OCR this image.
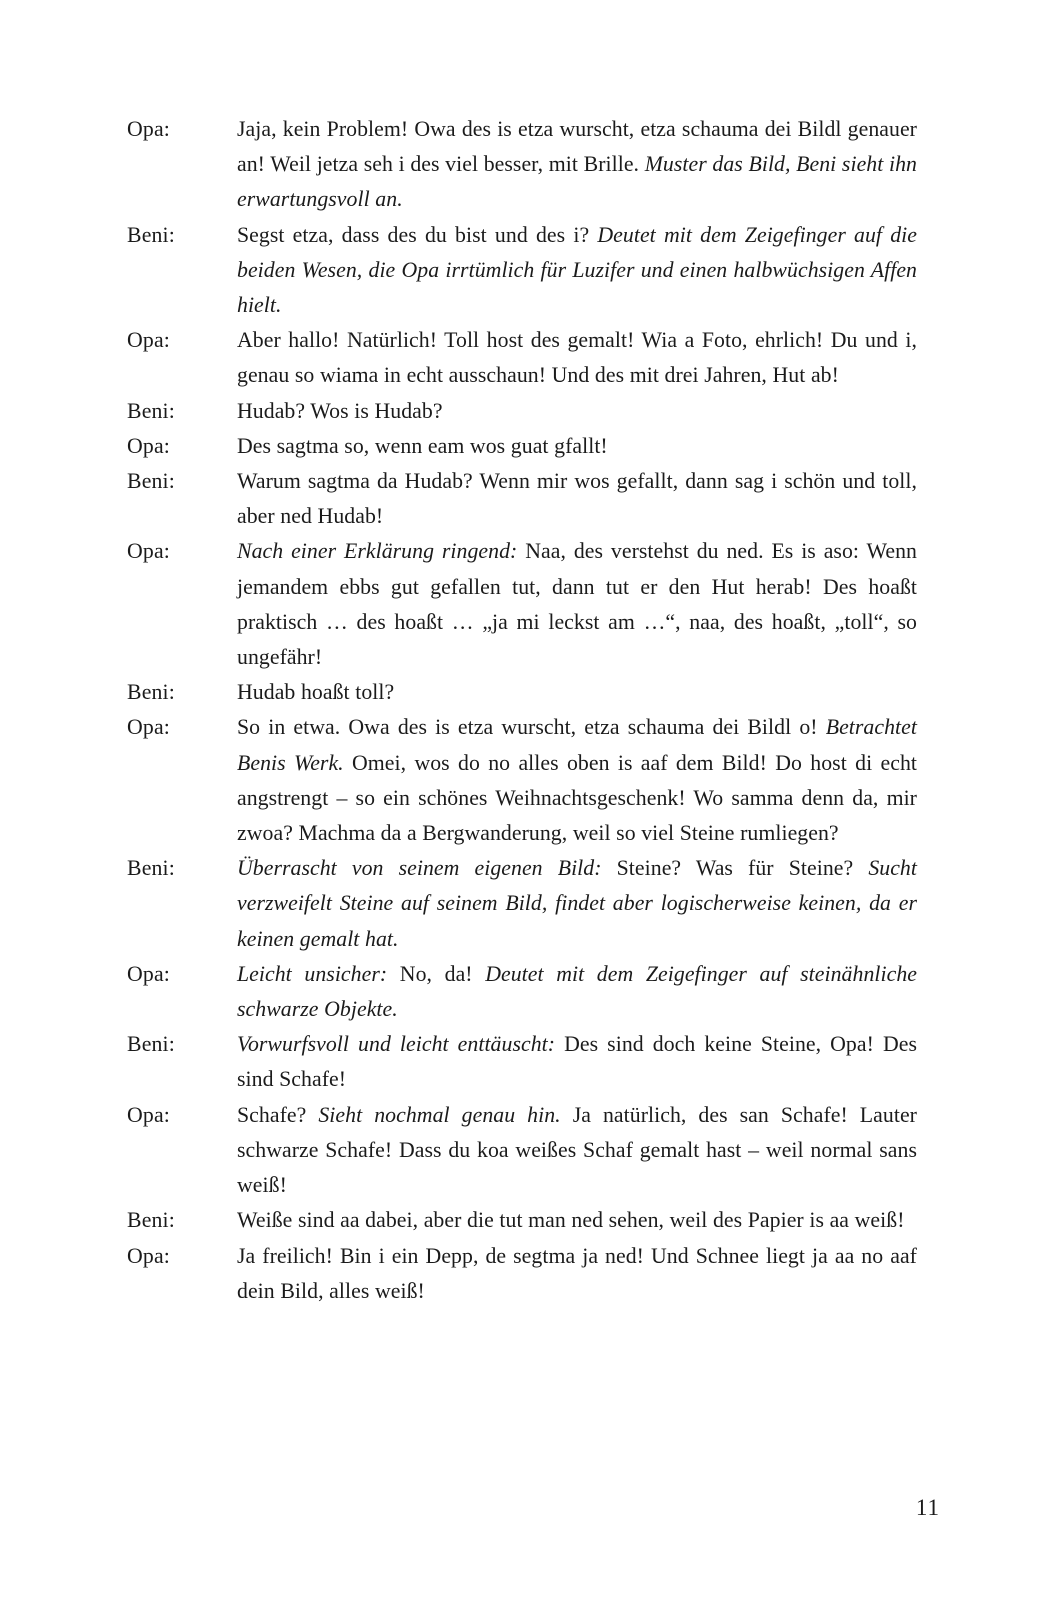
Opa:	Jaja, kein Problem! Owa des is etza wurscht, etza schauma dei Bildl genauer an! Weil jetza seh i des viel besser, mit Brille. Muster das Bild, Beni sieht ihn erwartungsvoll an.
Beni:	Segst etza, dass des du bist und des i? Deutet mit dem Zeigefinger auf die beiden Wesen, die Opa irrtümlich für Luzifer und einen halbwüchsigen Affen hielt.
Opa:	Aber hallo! Natürlich! Toll host des gemalt! Wia a Foto, ehrlich! Du und i, genau so wiama in echt ausschaun! Und des mit drei Jahren, Hut ab!
Beni:	Hudab? Wos is Hudab?
Opa:	Des sagtma so, wenn eam wos guat gfallt!
Beni:	Warum sagtma da Hudab? Wenn mir wos gefallt, dann sag i schön und toll, aber ned Hudab!
Opa:	Nach einer Erklärung ringend: Naa, des verstehst du ned. Es is aso: Wenn jemandem ebbs gut gefallen tut, dann tut er den Hut herab! Des hoaßt praktisch … des hoaßt … „ja mi leckst am …“, naa, des hoaßt, „toll“, so ungefähr!
Beni:	Hudab hoaßt toll?
Opa:	So in etwa. Owa des is etza wurscht, etza schauma dei Bildl o! Betrachtet Benis Werk. Omei, wos do no alles oben is aaf dem Bild! Do host di echt angstrengt – so ein schönes Weihnachtsgeschenk! Wo samma denn da, mir zwoa? Machma da a Bergwanderung, weil so viel Steine rumliegen?
Beni:	Überrascht von seinem eigenen Bild: Steine? Was für Steine? Sucht verzweifelt Steine auf seinem Bild, findet aber logischerweise keinen, da er keinen gemalt hat.
Opa:	Leicht unsicher: No, da! Deutet mit dem Zeigefinger auf steinähnliche schwarze Objekte.
Beni:	Vorwurfsvoll und leicht enttäuscht: Des sind doch keine Steine, Opa! Des sind Schafe!
Opa:	Schafe? Sieht nochmal genau hin. Ja natürlich, des san Schafe! Lauter schwarze Schafe! Dass du koa weißes Schaf gemalt hast – weil normal sans weiß!
Beni:	Weiße sind aa dabei, aber die tut man ned sehen, weil des Papier is aa weiß!
Opa:	Ja freilich! Bin i ein Depp, de segtma ja ned! Und Schnee liegt ja aa no aaf dein Bild, alles weiß!
11
